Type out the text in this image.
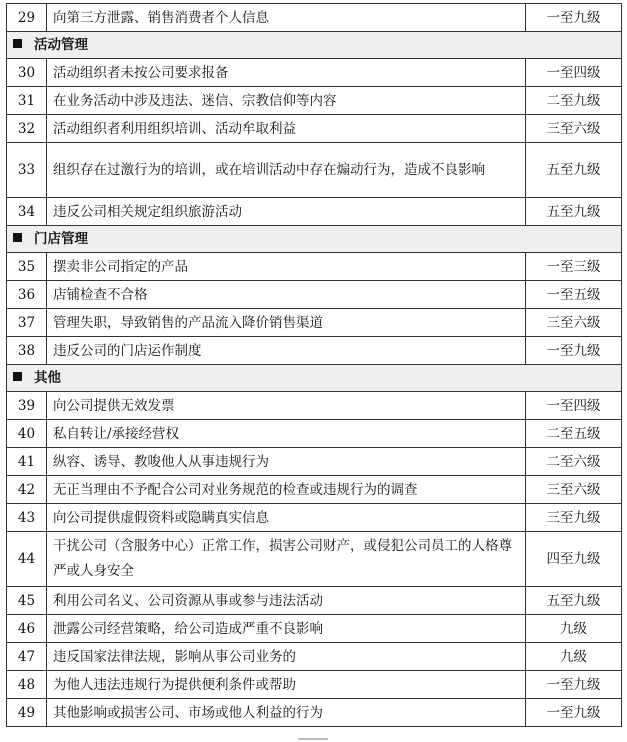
29	向第三方泄露、销售消费者个人信息	一至九级
活动管理		
30	活动组织者未按公司要求报备	一至四级
31	在业务活动中涉及违法、迷信、宗教信仰等内容	二至九级
32	活动组织者利用组织培训、活动牟取利益	三至六级
33	组织存在过激行为的培训，或在培训活动中存在煽动行为，造成不良影响	五至九级
34	违反公司相关规定组织旅游活动	五至九级
门店管理		
35	摆卖非公司指定的产品	一至三级
36	店铺检查不合格	一至五级
37	管理失职，导致销售的产品流入降价销售渠道	三至六级
38	违反公司的门店运作制度	一至九级
其他		
39	向公司提供无效发票	一至四级
40	私自转让/承接经营权	二至五级
41	纵容、诱导、教唆他人从事违规行为	二至六级
42	无正当理由不予配合公司对业务规范的检查或违规行为的调查	三至六级
43	向公司提供虚假资料或隐瞒真实信息	三至九级
44	干扰公司（含服务中心）正常工作，损害公司财产，或侵犯公司员工的人格尊严或人身安全	四至九级
45	利用公司名义、公司资源从事或参与违法活动	五至九级
46	泄露公司经营策略，给公司造成严重不良影响	九级
47	违反国家法律法规，影响从事公司业务的	九级
48	为他人违法违规行为提供便利条件或帮助	一至九级
49	其他影响或损害公司、市场或他人利益的行为	一至九级
